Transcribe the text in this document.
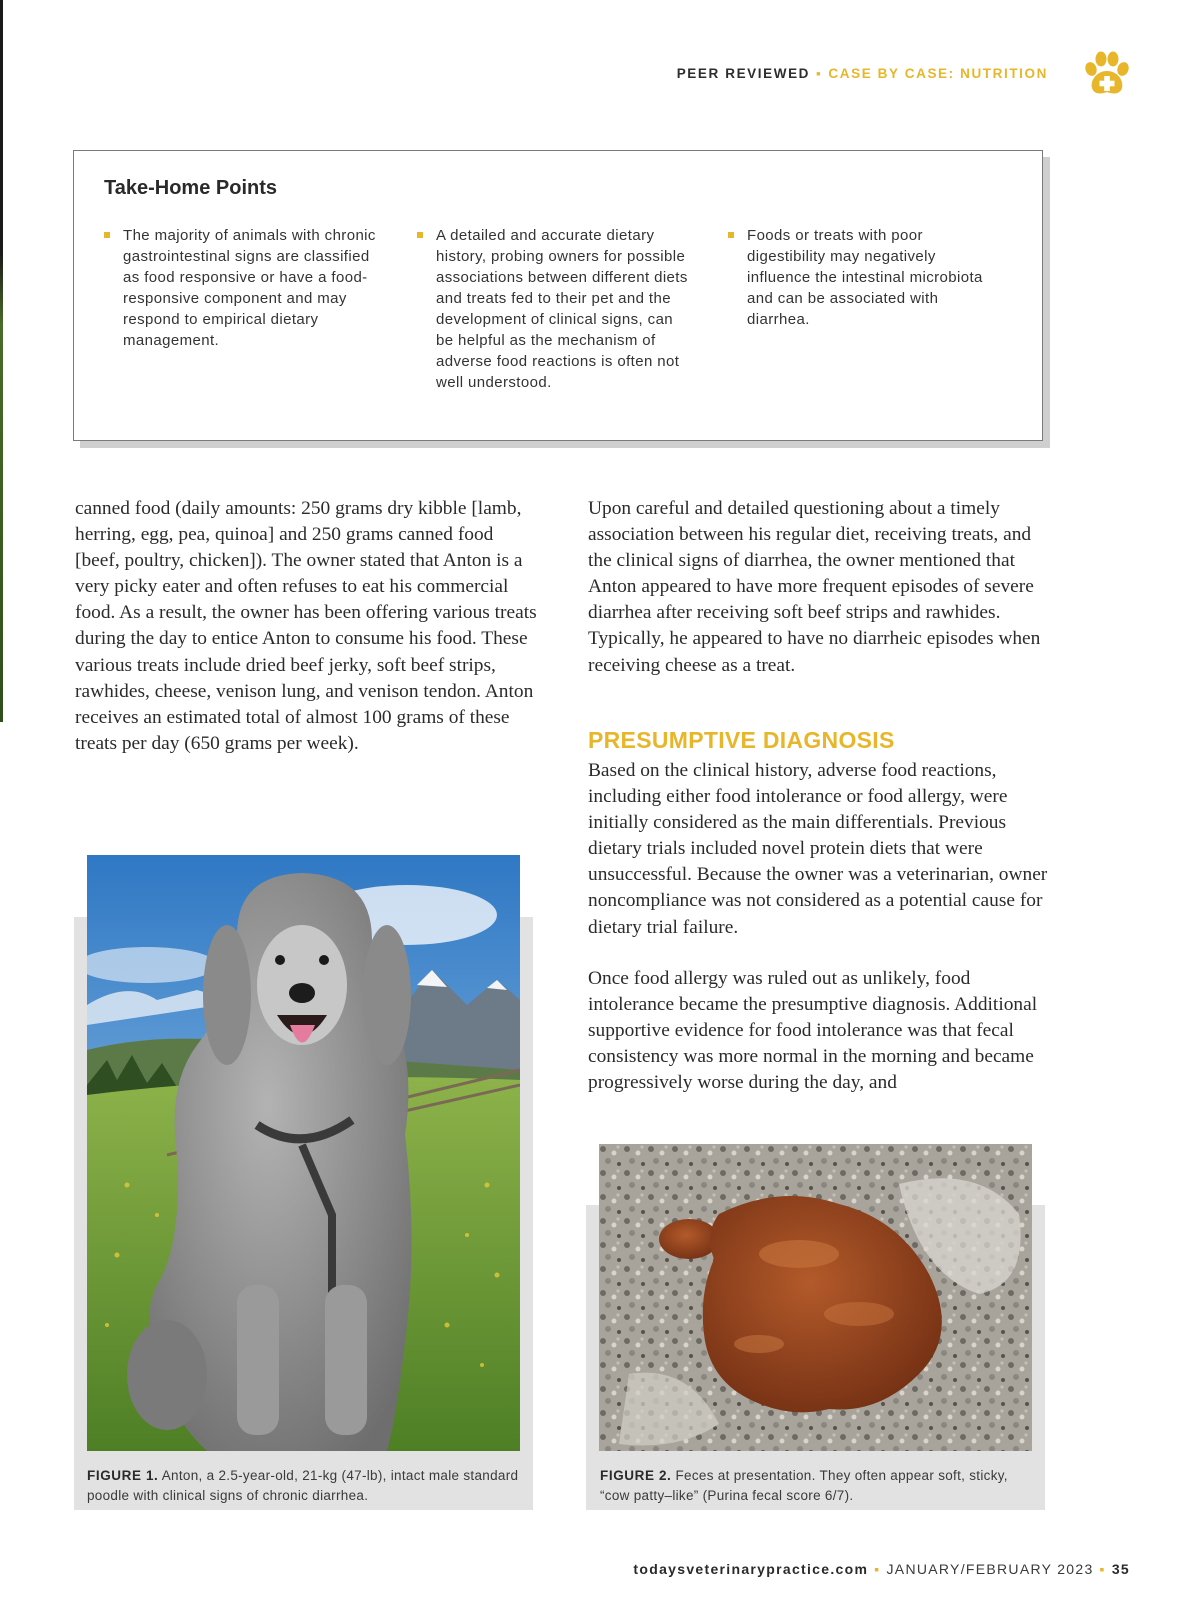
PEER REVIEWED ▪ CASE BY CASE: NUTRITION
Take-Home Points
The majority of animals with chronic gastrointestinal signs are classified as food responsive or have a food-responsive component and may respond to empirical dietary management.
A detailed and accurate dietary history, probing owners for possible associations between different diets and treats fed to their pet and the development of clinical signs, can be helpful as the mechanism of adverse food reactions is often not well understood.
Foods or treats with poor digestibility may negatively influence the intestinal microbiota and can be associated with diarrhea.

canned food (daily amounts: 250 grams dry kibble [lamb, herring, egg, pea, quinoa] and 250 grams canned food [beef, poultry, chicken]). The owner stated that Anton is a very picky eater and often refuses to eat his commercial food. As a result, the owner has been offering various treats during the day to entice Anton to consume his food. These various treats include dried beef jerky, soft beef strips, rawhides, cheese, venison lung, and venison tendon. Anton receives an estimated total of almost 100 grams of these treats per day (650 grams per week).

Upon careful and detailed questioning about a timely association between his regular diet, receiving treats, and the clinical signs of diarrhea, the owner mentioned that Anton appeared to have more frequent episodes of severe diarrhea after receiving soft beef strips and rawhides. Typically, he appeared to have no diarrheic episodes when receiving cheese as a treat.

PRESUMPTIVE DIAGNOSIS

Based on the clinical history, adverse food reactions, including either food intolerance or food allergy, were initially considered as the main differentials. Previous dietary trials included novel protein diets that were unsuccessful. Because the owner was a veterinarian, owner noncompliance was not considered as a potential cause for dietary trial failure.

Once food allergy was ruled out as unlikely, food intolerance became the presumptive diagnosis. Additional supportive evidence for food intolerance was that fecal consistency was more normal in the morning and became progressively worse during the day, and

FIGURE 1. Anton, a 2.5-year-old, 21-kg (47-lb), intact male standard poodle with clinical signs of chronic diarrhea.
FIGURE 2. Feces at presentation. They often appear soft, sticky, “cow patty–like” (Purina fecal score 6/7).
todaysveterinarypractice.com ▪ JANUARY/FEBRUARY 2023 ▪ 35
